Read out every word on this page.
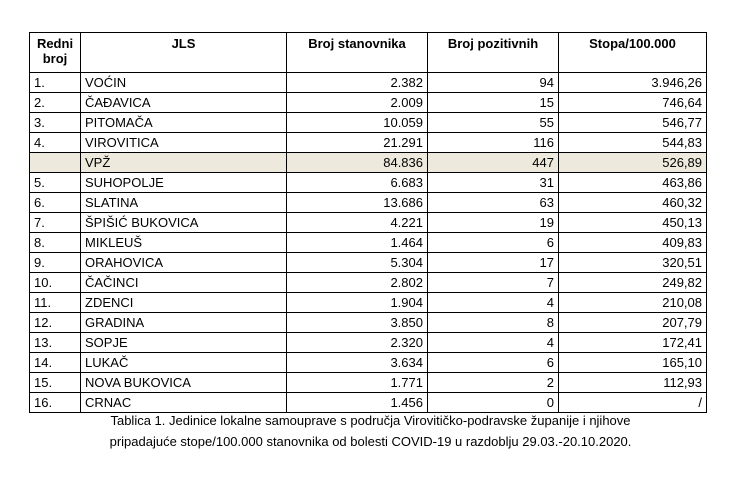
Redni
broj	JLS	Broj stanovnika	Broj pozitivnih	Stopa/100.000
1.	VOĆIN	2.382	94	3.946,26
2.	ČAĐAVICA	2.009	15	746,64
3.	PITOMAČA	10.059	55	546,77
4.	VIROVITICA	21.291	116	544,83
	VPŽ	84.836	447	526,89
5.	SUHOPOLJE	6.683	31	463,86
6.	SLATINA	13.686	63	460,32
7.	ŠPIŠIĆ BUKOVICA	4.221	19	450,13
8.	MIKLEUŠ	1.464	6	409,83
9.	ORAHOVICA	5.304	17	320,51
10.	ČAČINCI	2.802	7	249,82
11.	ZDENCI	1.904	4	210,08
12.	GRADINA	3.850	8	207,79
13.	SOPJE	2.320	4	172,41
14.	LUKAČ	3.634	6	165,10
15.	NOVA BUKOVICA	1.771	2	112,93
16.	CRNAC	1.456	0	/
Tablica 1. Jedinice lokalne samouprave s područja Virovitičko-podravske županije i njihove
pripadajuće stope/100.000 stanovnika od bolesti COVID-19 u razdoblju 29.03.-20.10.2020.
